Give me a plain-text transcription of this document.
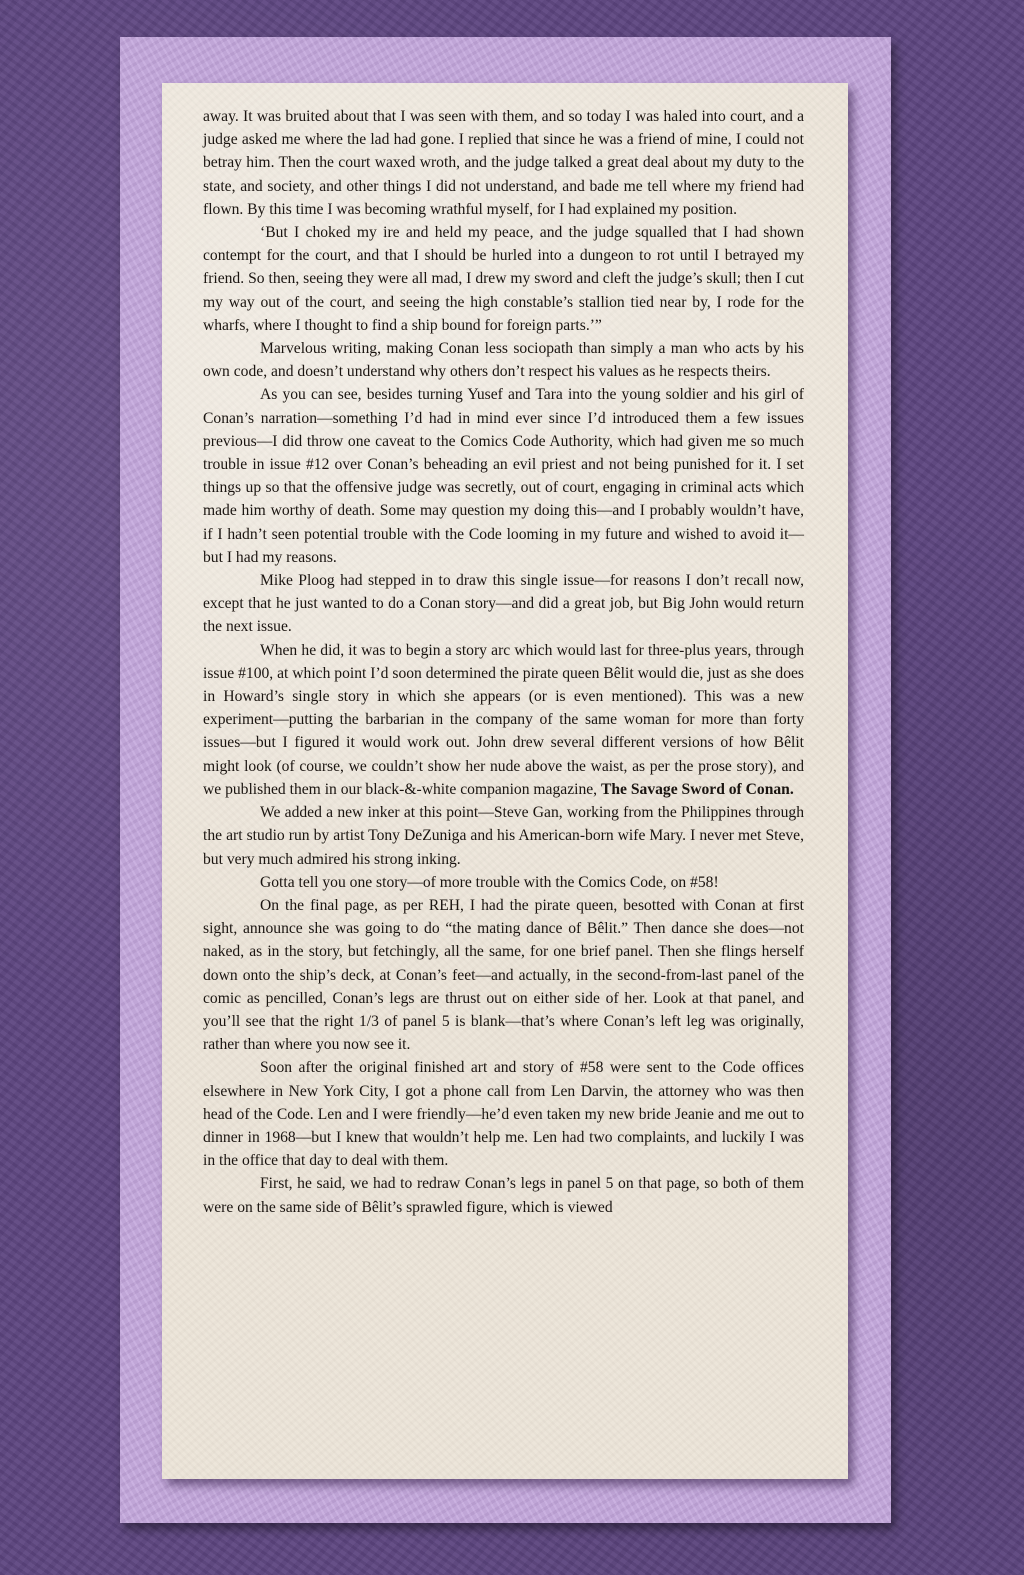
away. It was bruited about that I was seen with them, and so today I was haled into court, and a judge asked me where the lad had gone. I replied that since he was a friend of mine, I could not betray him. Then the court waxed wroth, and the judge talked a great deal about my duty to the state, and society, and other things I did not understand, and bade me tell where my friend had flown. By this time I was becoming wrathful myself, for I had explained my position.

‘But I choked my ire and held my peace, and the judge squalled that I had shown contempt for the court, and that I should be hurled into a dungeon to rot until I betrayed my friend. So then, seeing they were all mad, I drew my sword and cleft the judge’s skull; then I cut my way out of the court, and seeing the high constable’s stallion tied near by, I rode for the wharfs, where I thought to find a ship bound for foreign parts.’”

Marvelous writing, making Conan less sociopath than simply a man who acts by his own code, and doesn’t understand why others don’t respect his values as he respects theirs.

As you can see, besides turning Yusef and Tara into the young soldier and his girl of Conan’s narration—something I’d had in mind ever since I’d introduced them a few issues previous—I did throw one caveat to the Comics Code Authority, which had given me so much trouble in issue #12 over Conan’s beheading an evil priest and not being punished for it. I set things up so that the offensive judge was secretly, out of court, engaging in criminal acts which made him worthy of death. Some may question my doing this—and I probably wouldn’t have, if I hadn’t seen potential trouble with the Code looming in my future and wished to avoid it—but I had my reasons.

Mike Ploog had stepped in to draw this single issue—for reasons I don’t recall now, except that he just wanted to do a Conan story—and did a great job, but Big John would return the next issue.

When he did, it was to begin a story arc which would last for three-plus years, through issue #100, at which point I’d soon determined the pirate queen Bêlit would die, just as she does in Howard’s single story in which she appears (or is even mentioned). This was a new experiment—putting the barbarian in the company of the same woman for more than forty issues—but I figured it would work out. John drew several different versions of how Bêlit might look (of course, we couldn’t show her nude above the waist, as per the prose story), and we published them in our black-&-white companion magazine, The Savage Sword of Conan.

We added a new inker at this point—Steve Gan, working from the Philippines through the art studio run by artist Tony DeZuniga and his American-born wife Mary. I never met Steve, but very much admired his strong inking.

Gotta tell you one story—of more trouble with the Comics Code, on #58!

On the final page, as per REH, I had the pirate queen, besotted with Conan at first sight, announce she was going to do “the mating dance of Bêlit.” Then dance she does—not naked, as in the story, but fetchingly, all the same, for one brief panel. Then she flings herself down onto the ship’s deck, at Conan’s feet—and actually, in the second-from-last panel of the comic as pencilled, Conan’s legs are thrust out on either side of her. Look at that panel, and you’ll see that the right 1/3 of panel 5 is blank—that’s where Conan’s left leg was originally, rather than where you now see it.

Soon after the original finished art and story of #58 were sent to the Code offices elsewhere in New York City, I got a phone call from Len Darvin, the attorney who was then head of the Code. Len and I were friendly—he’d even taken my new bride Jeanie and me out to dinner in 1968—but I knew that wouldn’t help me. Len had two complaints, and luckily I was in the office that day to deal with them.

First, he said, we had to redraw Conan’s legs in panel 5 on that page, so both of them were on the same side of Bêlit’s sprawled figure, which is viewed
